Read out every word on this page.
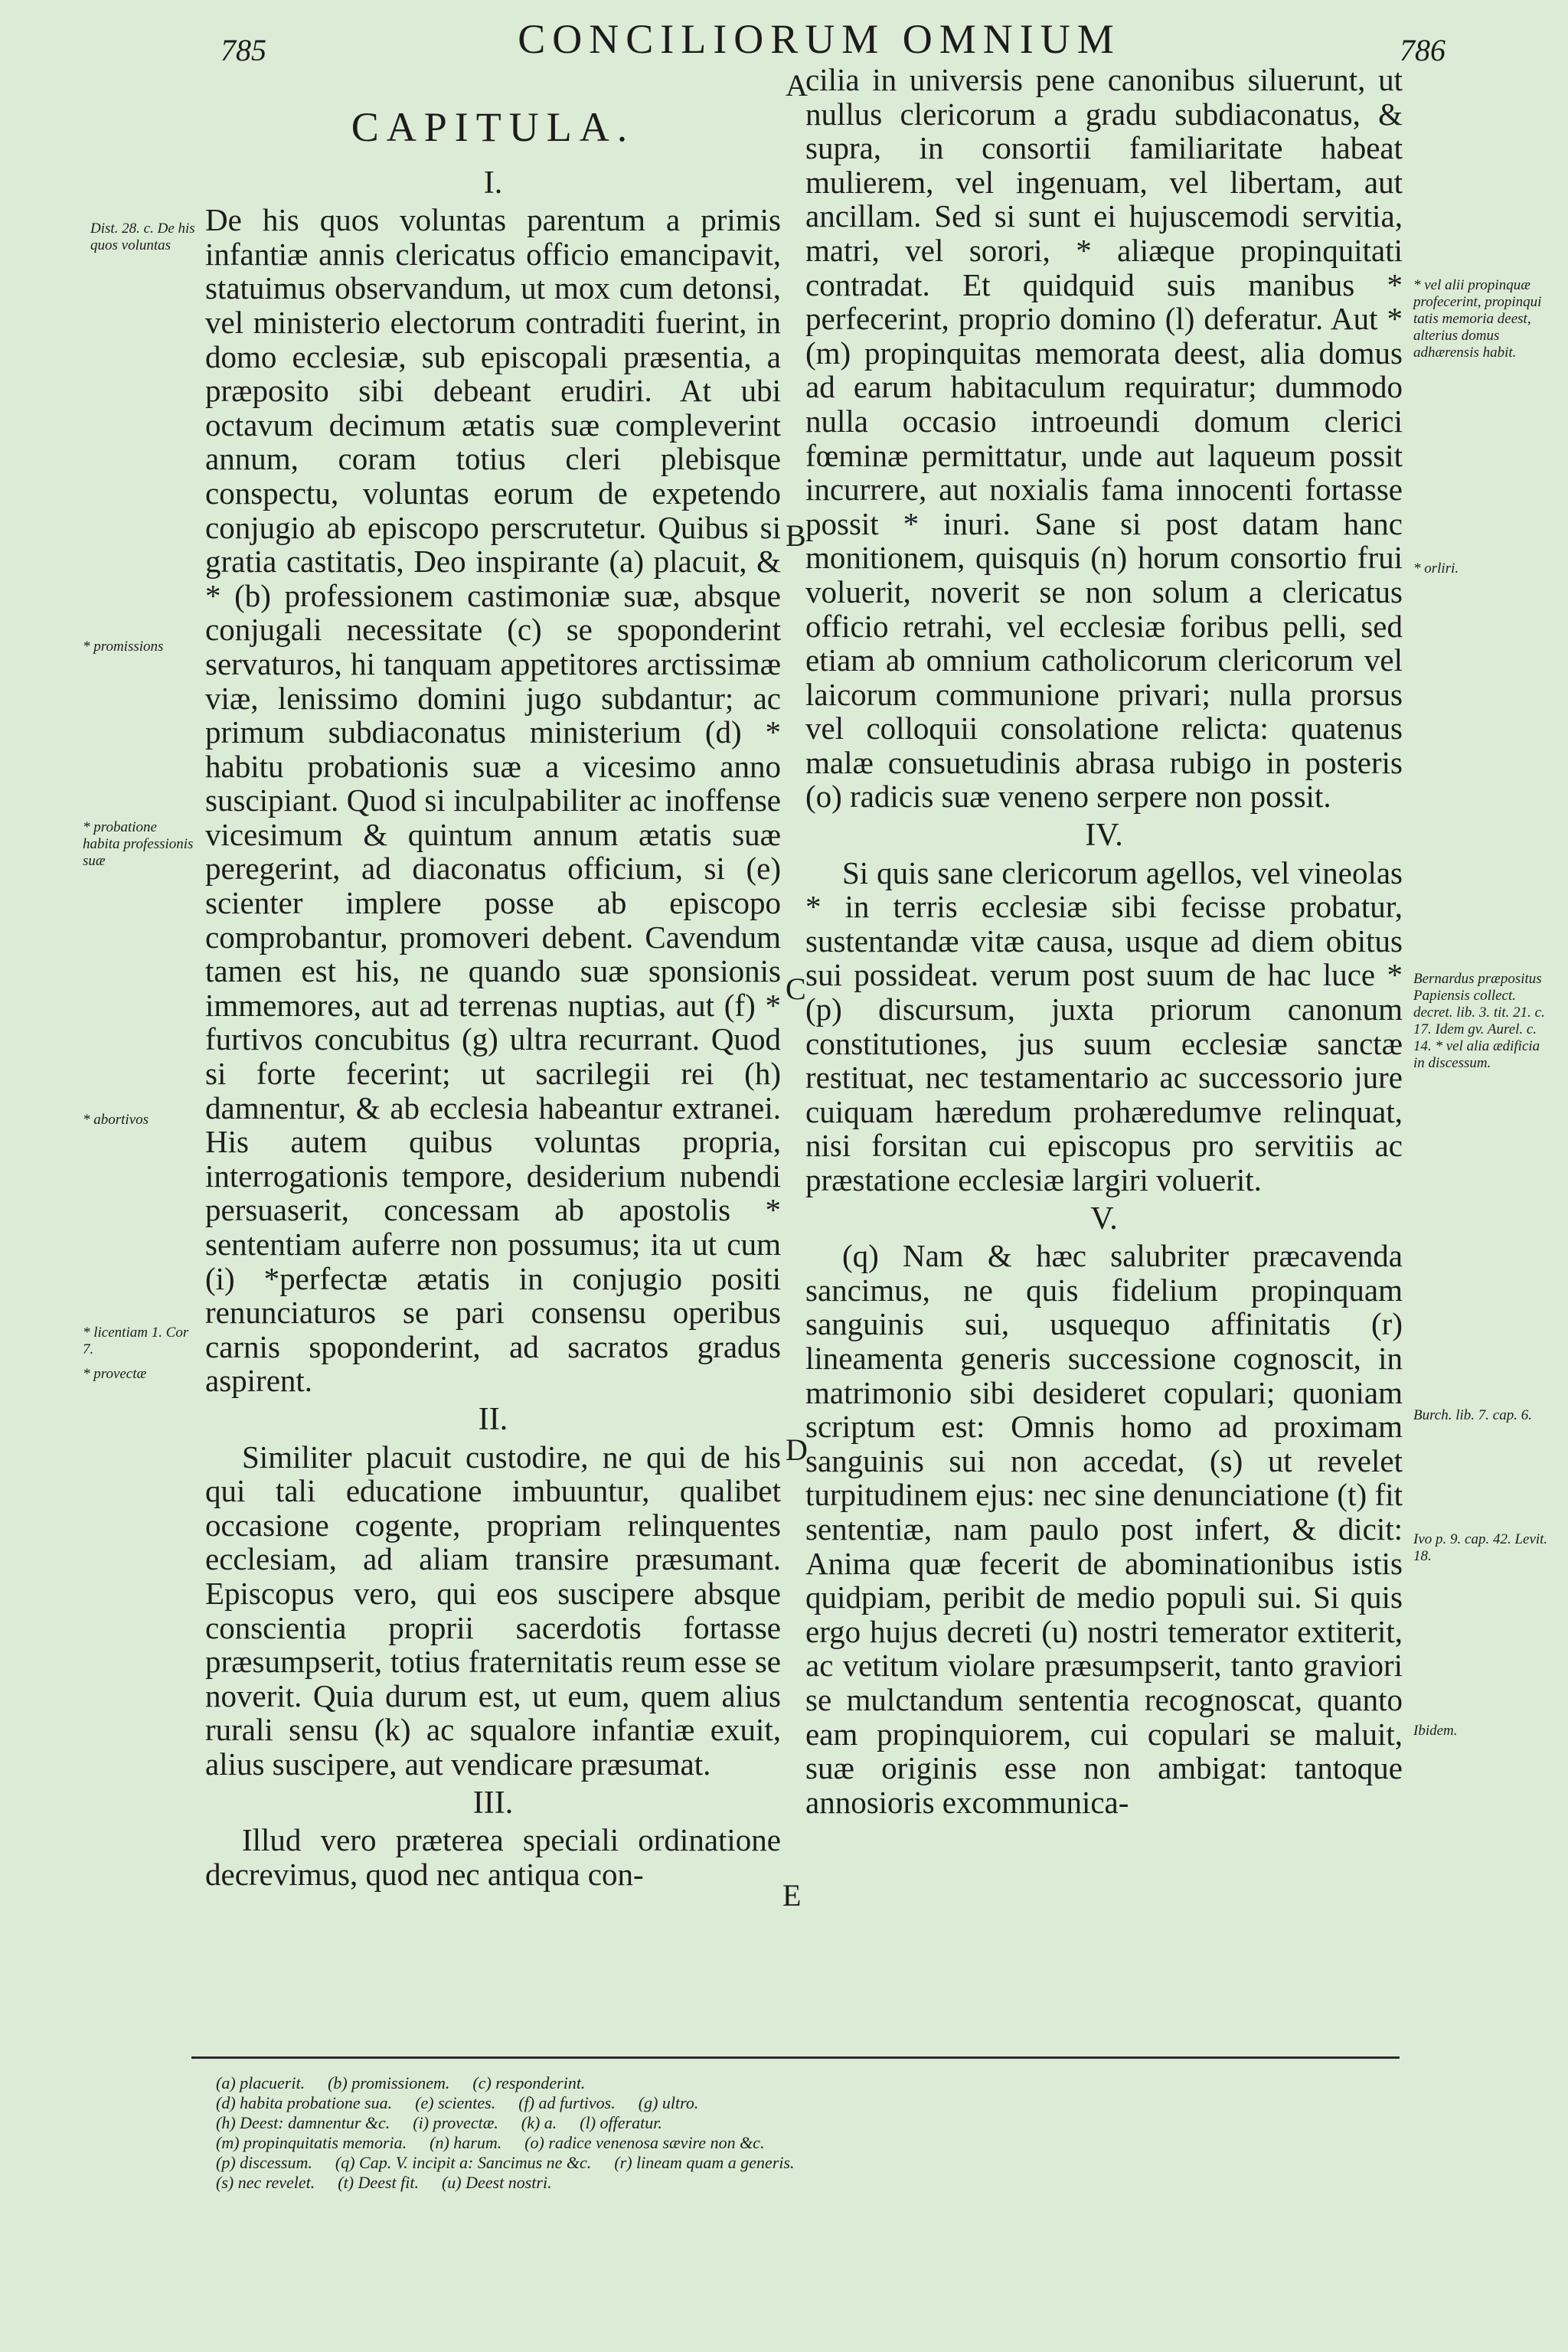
785	CONCILIORUM OMNIUM	786
CAPITULA.
I.

De his quos voluntas parentum a primis infantiæ annis clericatus officio emancipavit, statuimus observandum, ut mox cum detonsi, vel ministerio electorum contraditi fuerint, in domo ecclesiæ, sub episcopali præsentia, a præposito sibi debeant erudiri. At ubi octavum decimum ætatis suæ compleverint annum, coram totius cleri plebisque conspectu, voluntas eorum de expetendo conjugio ab episcopo perscrutetur. Quibus si gratia castitatis, Deo inspirante (a) placuit, & * (b) professionem castimoniæ suæ, absque conjugali necessitate (c) se spoponderint servaturos, hi tanquam appetitores arctissimæ viæ, lenissimo domini jugo subdantur; ac primum subdiaconatus ministerium (d) * habitu probationis suæ a vicesimo anno suscipiant. Quod si inculpabiliter ac inoffense vicesimum & quintum annum ætatis suæ peregerint, ad diaconatus officium, si (e) scienter implere posse ab episcopo comprobantur, promoveri debent. Cavendum tamen est his, ne quando suæ sponsionis immemores, aut ad terrenas nuptias, aut (f) * furtivos concubitus (g) ultra recurrant. Quod si forte fecerint; ut sacrilegii rei (h) damnentur, & ab ecclesia habeantur extranei. His autem quibus voluntas propria, interrogationis tempore, desiderium nubendi persuaserit, concessam ab apostolis * sententiam auferre non possumus; ita ut cum (i) *perfectæ ætatis in conjugio positi renunciaturos se pari consensu operibus carnis spoponderint, ad sacratos gradus aspirent.

II.

Similiter placuit custodire, ne qui de his qui tali educatione imbuuntur, qualibet occasione cogente, propriam relinquentes ecclesiam, ad aliam transire præsumant. Episcopus vero, qui eos suscipere absque conscientia proprii sacerdotis fortasse præsumpserit, totius fraternitatis reum esse se noverit. Quia durum est, ut eum, quem alius rurali sensu (k) ac squalore infantiæ exuit, alius suscipere, aut vendicare præsumat.

III.

Illud vero præterea speciali ordinatione decrevimus, quod nec antiqua con-

cilia in universis pene canonibus siluerunt, ut nullus clericorum a gradu subdiaconatus, & supra, in consortii familiaritate habeat mulierem, vel ingenuam, vel libertam, aut ancillam. Sed si sunt ei hujuscemodi servitia, matri, vel sorori, * aliæque propinquitati contradat. Et quidquid suis manibus * perfecerint, proprio domino (l) deferatur. Aut * (m) propinquitas memorata deest, alia domus ad earum habitaculum requiratur; dummodo nulla occasio introeundi domum clerici fœminæ permittatur, unde aut laqueum possit incurrere, aut noxialis fama innocenti fortasse possit * inuri. Sane si post datam hanc monitionem, quisquis (n) horum consortio frui voluerit, noverit se non solum a clericatus officio retrahi, vel ecclesiæ foribus pelli, sed etiam ab omnium catholicorum clericorum vel laicorum communione privari; nulla prorsus vel colloquii consolatione relicta: quatenus malæ consuetudinis abrasa rubigo in posteris (o) radicis suæ veneno serpere non possit.

IV.

Si quis sane clericorum agellos, vel vineolas * in terris ecclesiæ sibi fecisse probatur, sustentandæ vitæ causa, usque ad diem obitus sui possideat. verum post suum de hac luce * (p) discursum, juxta priorum canonum constitutiones, jus suum ecclesiæ sanctæ restituat, nec testamentario ac successorio jure cuiquam hæredum prohæredumve relinquat, nisi forsitan cui episcopus pro servitiis ac præstatione ecclesiæ largiri voluerit.

V.

(q) Nam & hæc salubriter præcavenda sancimus, ne quis fidelium propinquam sanguinis sui, usquequo affinitatis (r) lineamenta generis successione cognoscit, in matrimonio sibi desideret copulari; quoniam scriptum est: Omnis homo ad proximam sanguinis sui non accedat, (s) ut revelet turpitudinem ejus: nec sine denunciatione (t) fit sententiæ, nam paulo post infert, & dicit: Anima quæ fecerit de abominationibus istis quidpiam, peribit de medio populi sui. Si quis ergo hujus decreti (u) nostri temerator extiterit, ac vetitum violare præsumpserit, tanto graviori se mulctandum sententia recognoscat, quanto eam propinquiorem, cui copulari se maluit, suæ originis esse non ambigat: tantoque annosioris excommunica-

Dist. 28. c. De his quos voluntas
* promissions
* probatione habita professionis suæ
* abortivos
* licentiam 1. Cor 7.
* provectæ
* vel alii propinquæ profecerint, propinqui tatis memoria deest, alterius domus adhærensis habit.
* orliri.
Bernardus præpositus Papiensis collect. decret. lib. 3. tit. 21. c. 17. Idem gv. Aurel. c. 14. * vel alia ædificia in discessum.
Burch. lib. 7. cap. 6.
Ivo p. 9. cap. 42. Levit. 18.
Ibidem.
A
B
C
D
E
(a) placuerit. (b) promissionem. (c) responderint.
(d) habita probatione sua. (e) scientes. (f) ad furtivos. (g) ultro.
(h) Deest: damnentur &c. (i) provectæ. (k) a. (l) offeratur.
(m) propinquitatis memoria. (n) harum. (o) radice venenosa sævire non &c.
(p) discessum. (q) Cap. V. incipit a: Sancimus ne &c. (r) lineam quam a generis.
(s) nec revelet. (t) Deest fit. (u) Deest nostri.
